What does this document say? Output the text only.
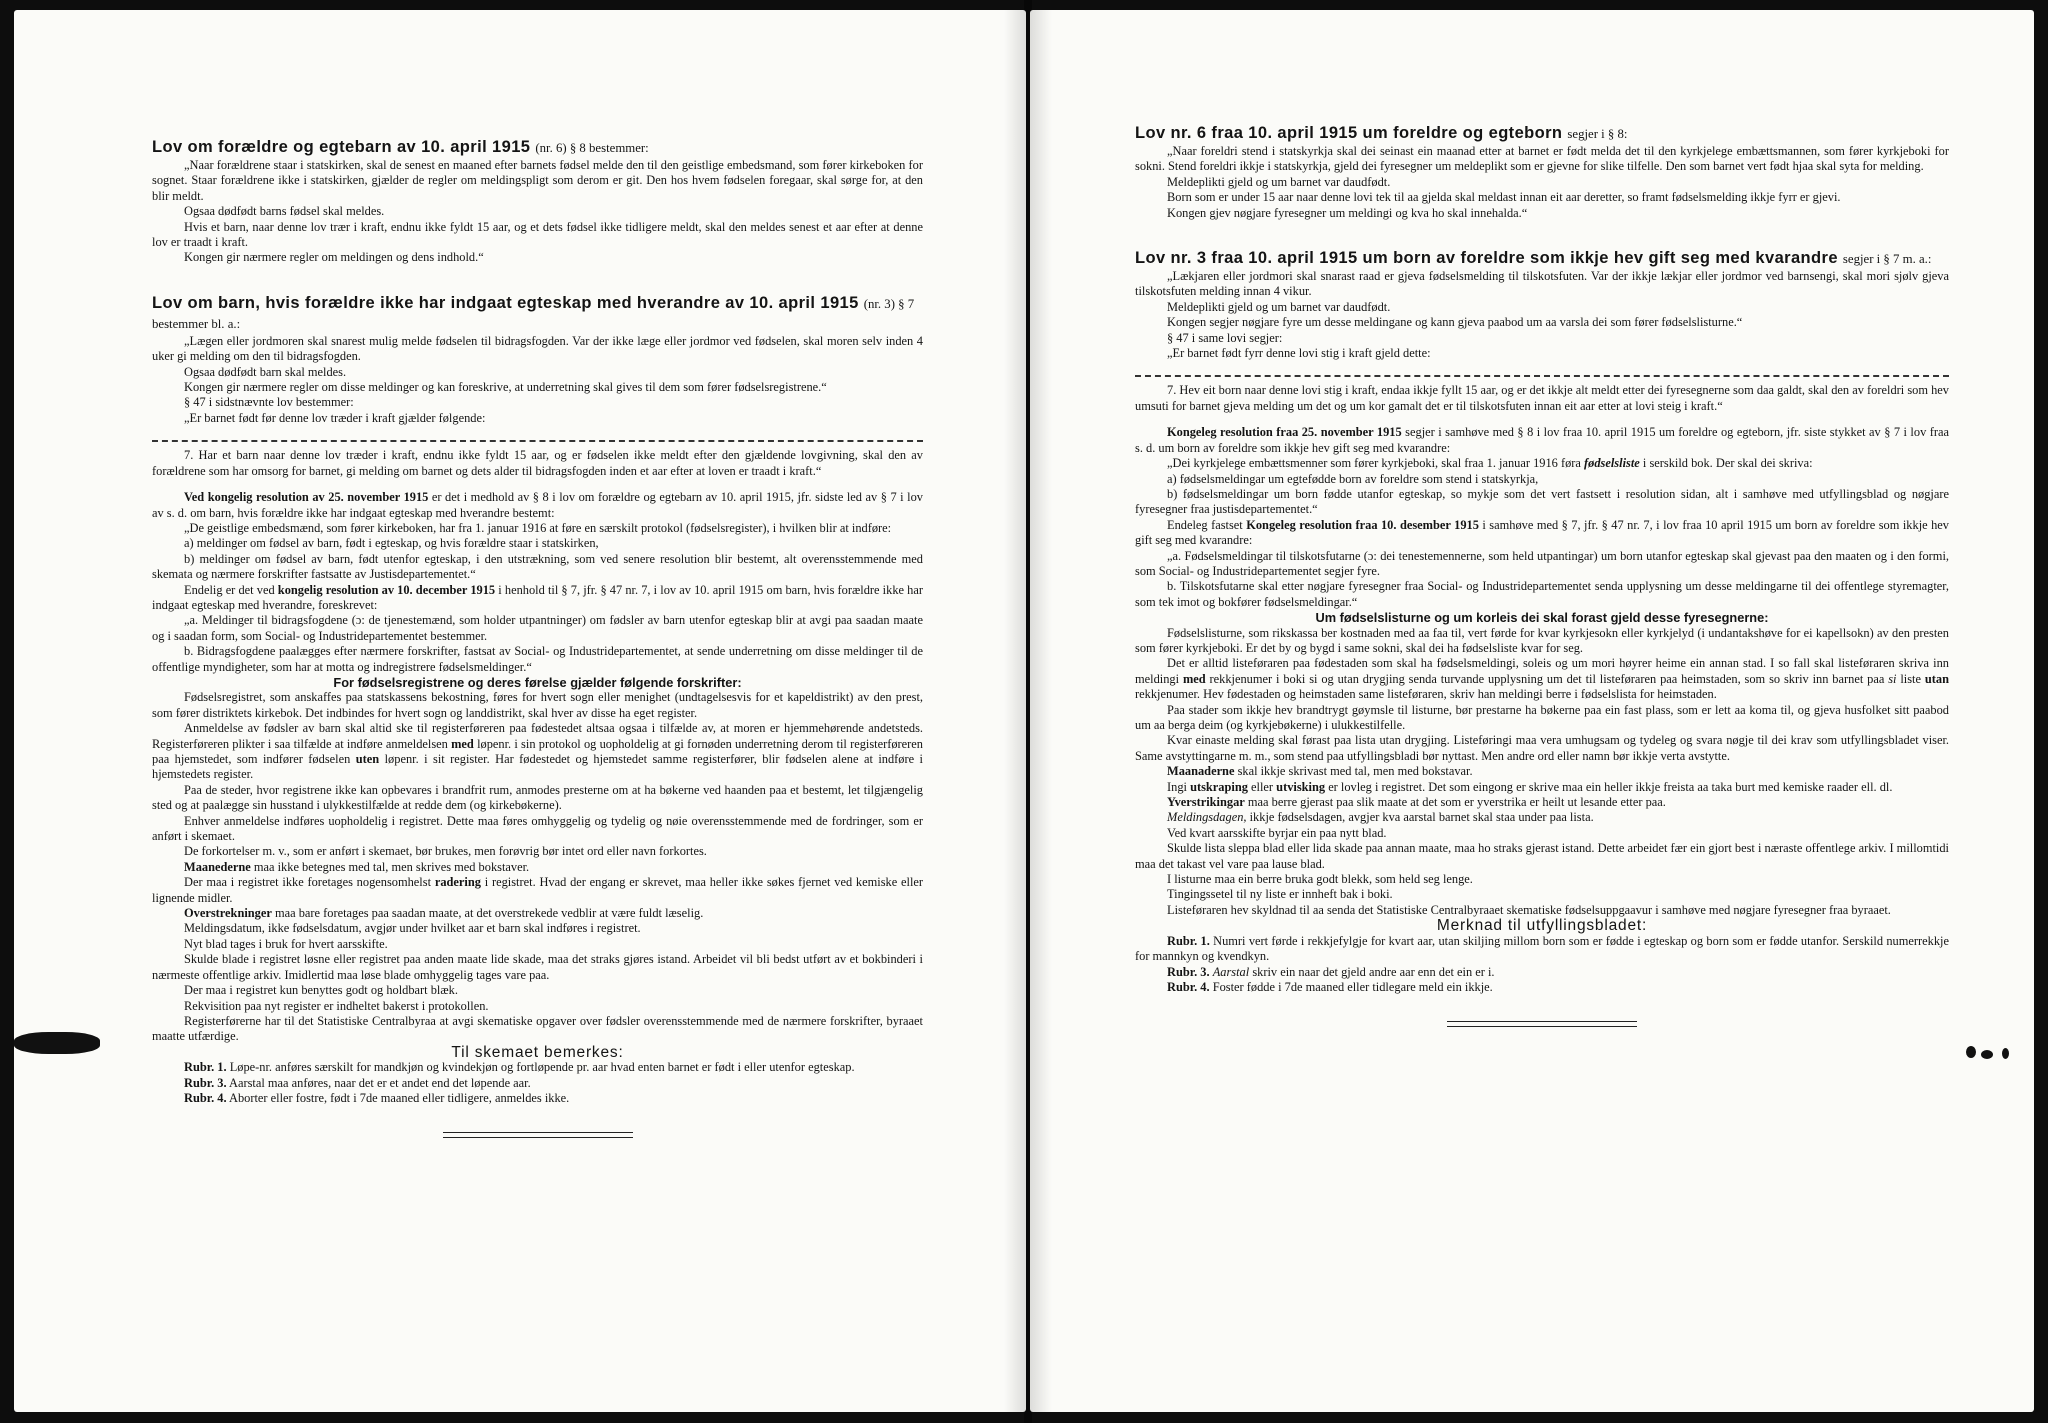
Lov om forældre og egtebarn av 10. april 1915 (nr. 6) § 8 bestemmer:

„Naar forældrene staar i statskirken, skal de senest en maaned efter barnets fødsel melde den til den geistlige embedsmand, som fører kirkeboken for sognet. Staar forældrene ikke i statskirken, gjælder de regler om meldingspligt som derom er git. Den hos hvem fødselen foregaar, skal sørge for, at den blir meldt.

Ogsaa dødfødt barns fødsel skal meldes.

Hvis et barn, naar denne lov trær i kraft, endnu ikke fyldt 15 aar, og et dets fødsel ikke tidligere meldt, skal den meldes senest et aar efter at denne lov er traadt i kraft.

Kongen gir nærmere regler om meldingen og dens indhold.“

Lov om barn, hvis forældre ikke har indgaat egteskap med hverandre av 10. april 1915 (nr. 3) § 7 bestemmer bl. a.:

„Lægen eller jordmoren skal snarest mulig melde fødselen til bidragsfogden. Var der ikke læge eller jordmor ved fødselen, skal moren selv inden 4 uker gi melding om den til bidragsfogden.

Ogsaa dødfødt barn skal meldes.

Kongen gir nærmere regler om disse meldinger og kan foreskrive, at underretning skal gives til dem som fører fødselsregistrene.“

§ 47 i sidstnævnte lov bestemmer:

„Er barnet født før denne lov træder i kraft gjælder følgende:

7. Har et barn naar denne lov træder i kraft, endnu ikke fyldt 15 aar, og er fødselen ikke meldt efter den gjældende lovgivning, skal den av forældrene som har omsorg for barnet, gi melding om barnet og dets alder til bidragsfogden inden et aar efter at loven er traadt i kraft.“

Ved kongelig resolution av 25. november 1915 er det i medhold av § 8 i lov om forældre og egtebarn av 10. april 1915, jfr. sidste led av § 7 i lov av s. d. om barn, hvis forældre ikke har indgaat egteskap med hverandre bestemt:

„De geistlige embedsmænd, som fører kirkeboken, har fra 1. januar 1916 at føre en særskilt protokol (fødselsregister), i hvilken blir at indføre:

a) meldinger om fødsel av barn, født i egteskap, og hvis forældre staar i statskirken,

b) meldinger om fødsel av barn, født utenfor egteskap, i den utstrækning, som ved senere resolution blir bestemt, alt overensstemmende med skemata og nærmere forskrifter fastsatte av Justisdepartementet.“

Endelig er det ved kongelig resolution av 10. december 1915 i henhold til § 7, jfr. § 47 nr. 7, i lov av 10. april 1915 om barn, hvis forældre ikke har indgaat egteskap med hverandre, foreskrevet:

„a. Meldinger til bidragsfogdene (ɔ: de tjenestemænd, som holder utpantninger) om fødsler av barn utenfor egteskap blir at avgi paa saadan maate og i saadan form, som Social- og Industridepartementet bestemmer.

b. Bidragsfogdene paalægges efter nærmere forskrifter, fastsat av Social- og Industridepartementet, at sende underretning om disse meldinger til de offentlige myndigheter, som har at motta og indregistrere fødselsmeldinger.“

For fødselsregistrene og deres førelse gjælder følgende forskrifter:

Fødselsregistret, som anskaffes paa statskassens bekostning, føres for hvert sogn eller menighet (undtagelsesvis for et kapeldistrikt) av den prest, som fører distriktets kirkebok. Det indbindes for hvert sogn og landdistrikt, skal hver av disse ha eget register.

Anmeldelse av fødsler av barn skal altid ske til registerføreren paa fødestedet altsaa ogsaa i tilfælde av, at moren er hjemmehørende andetsteds. Registerføreren plikter i saa tilfælde at indføre anmeldelsen med løpenr. i sin protokol og uopholdelig at gi fornøden underretning derom til registerføreren paa hjemstedet, som indfører fødselen uten løpenr. i sit register. Har fødestedet og hjemstedet samme registerfører, blir fødselen alene at indføre i hjemstedets register.

Paa de steder, hvor registrene ikke kan opbevares i brandfrit rum, anmodes presterne om at ha bøkerne ved haanden paa et bestemt, let tilgjængelig sted og at paalægge sin husstand i ulykkestilfælde at redde dem (og kirkebøkerne).

Enhver anmeldelse indføres uopholdelig i registret. Dette maa føres omhyggelig og tydelig og nøie overensstemmende med de fordringer, som er anført i skemaet.

De forkortelser m. v., som er anført i skemaet, bør brukes, men forøvrig bør intet ord eller navn forkortes.

Maanederne maa ikke betegnes med tal, men skrives med bokstaver.

Der maa i registret ikke foretages nogensomhelst radering i registret. Hvad der engang er skrevet, maa heller ikke søkes fjernet ved kemiske eller lignende midler.

Overstrekninger maa bare foretages paa saadan maate, at det overstrekede vedblir at være fuldt læselig.

Meldingsdatum, ikke fødselsdatum, avgjør under hvilket aar et barn skal indføres i registret.

Nyt blad tages i bruk for hvert aarsskifte.

Skulde blade i registret løsne eller registret paa anden maate lide skade, maa det straks gjøres istand. Arbeidet vil bli bedst utført av et bokbinderi i nærmeste offentlige arkiv. Imidlertid maa løse blade omhyggelig tages vare paa.

Der maa i registret kun benyttes godt og holdbart blæk.

Rekvisition paa nyt register er indheltet bakerst i protokollen.

Registerførerne har til det Statistiske Centralbyraa at avgi skematiske opgaver over fødsler overensstemmende med de nærmere forskrifter, byraaet maatte utfærdige.

Til skemaet bemerkes:

Rubr. 1. Løpe-nr. anføres særskilt for mandkjøn og kvindekjøn og fortløpende pr. aar hvad enten barnet er født i eller utenfor egteskap.

Rubr. 3. Aarstal maa anføres, naar det er et andet end det løpende aar.

Rubr. 4. Aborter eller fostre, født i 7de maaned eller tidligere, anmeldes ikke.

Lov nr. 6 fraa 10. april 1915 um foreldre og egteborn segjer i § 8:

„Naar foreldri stend i statskyrkja skal dei seinast ein maanad etter at barnet er født melda det til den kyrkjelege embættsmannen, som fører kyrkjeboki for sokni. Stend foreldri ikkje i statskyrkja, gjeld dei fyresegner um meldeplikt som er gjevne for slike tilfelle. Den som barnet vert født hjaa skal syta for melding.

Meldeplikti gjeld og um barnet var daudfødt.

Born som er under 15 aar naar denne lovi tek til aa gjelda skal meldast innan eit aar deretter, so framt fødselsmelding ikkje fyrr er gjevi.

Kongen gjev nøgjare fyresegner um meldingi og kva ho skal innehalda.“

Lov nr. 3 fraa 10. april 1915 um born av foreldre som ikkje hev gift seg med kvarandre segjer i § 7 m. a.:

„Lækjaren eller jordmori skal snarast raad er gjeva fødselsmelding til tilskotsfuten. Var der ikkje lækjar eller jordmor ved barnsengi, skal mori sjølv gjeva tilskotsfuten melding innan 4 vikur.

Meldeplikti gjeld og um barnet var daudfødt.

Kongen segjer nøgjare fyre um desse meldingane og kann gjeva paabod um aa varsla dei som fører fødselslisturne.“

§ 47 i same lovi segjer:

„Er barnet født fyrr denne lovi stig i kraft gjeld dette:

7. Hev eit born naar denne lovi stig i kraft, endaa ikkje fyllt 15 aar, og er det ikkje alt meldt etter dei fyresegnerne som daa galdt, skal den av foreldri som hev umsuti for barnet gjeva melding um det og um kor gamalt det er til tilskotsfuten innan eit aar etter at lovi steig i kraft.“

Kongeleg resolution fraa 25. november 1915 segjer i samhøve med § 8 i lov fraa 10. april 1915 um foreldre og egteborn, jfr. siste stykket av § 7 i lov fraa s. d. um born av foreldre som ikkje hev gift seg med kvarandre:

„Dei kyrkjelege embættsmenner som fører kyrkjeboki, skal fraa 1. januar 1916 føra fødselsliste i serskild bok. Der skal dei skriva:

a) fødselsmeldingar um egtefødde born av foreldre som stend i statskyrkja,

b) fødselsmeldingar um born fødde utanfor egteskap, so mykje som det vert fastsett i resolution sidan, alt i samhøve med utfyllingsblad og nøgjare fyresegner fraa justisdepartementet.“

Endeleg fastset Kongeleg resolution fraa 10. desember 1915 i samhøve med § 7, jfr. § 47 nr. 7, i lov fraa 10 april 1915 um born av foreldre som ikkje hev gift seg med kvarandre:

„a. Fødselsmeldingar til tilskotsfutarne (ɔ: dei tenestemennerne, som held utpantingar) um born utanfor egteskap skal gjevast paa den maaten og i den formi, som Social- og Industridepartementet segjer fyre.

b. Tilskotsfutarne skal etter nøgjare fyresegner fraa Social- og Industridepartementet senda upplysning um desse meldingarne til dei offentlege styremagter, som tek imot og bokfører fødselsmeldingar.“

Um fødselslisturne og um korleis dei skal forast gjeld desse fyresegnerne:

Fødselslisturne, som rikskassa ber kostnaden med aa faa til, vert førde for kvar kyrkjesokn eller kyrkjelyd (i undantakshøve for ei kapellsokn) av den presten som fører kyrkjeboki. Er det by og bygd i same sokni, skal dei ha fødselsliste kvar for seg.

Det er alltid listeføraren paa fødestaden som skal ha fødselsmeldingi, soleis og um mori høyrer heime ein annan stad. I so fall skal listeføraren skriva inn meldingi med rekkjenumer i boki si og utan drygjing senda turvande upplysning um det til listeføraren paa heimstaden, som so skriv inn barnet paa si liste utan rekkjenumer. Hev fødestaden og heimstaden same listeføraren, skriv han meldingi berre i fødselslista for heimstaden.

Paa stader som ikkje hev brandtrygt gøymsle til listurne, bør prestarne ha bøkerne paa ein fast plass, som er lett aa koma til, og gjeva husfolket sitt paabod um aa berga deim (og kyrkjebøkerne) i ulukkestilfelle.

Kvar einaste melding skal førast paa lista utan drygjing. Listeføringi maa vera umhugsam og tydeleg og svara nøgje til dei krav som utfyllingsbladet viser. Same avstyttingarne m. m., som stend paa utfyllingsbladi bør nyttast. Men andre ord eller namn bør ikkje verta avstytte.

Maanaderne skal ikkje skrivast med tal, men med bokstavar.

Ingi utskraping eller utvisking er lovleg i registret. Det som eingong er skrive maa ein heller ikkje freista aa taka burt med kemiske raader ell. dl.

Yverstrikingar maa berre gjerast paa slik maate at det som er yverstrika er heilt ut lesande etter paa.

Meldingsdagen, ikkje fødselsdagen, avgjer kva aarstal barnet skal staa under paa lista.

Ved kvart aarsskifte byrjar ein paa nytt blad.

Skulde lista sleppa blad eller lida skade paa annan maate, maa ho straks gjerast istand. Dette arbeidet fær ein gjort best i næraste offentlege arkiv. I millomtidi maa det takast vel vare paa lause blad.

I listurne maa ein berre bruka godt blekk, som held seg lenge.

Tingingssetel til ny liste er innheft bak i boki.

Listeføraren hev skyldnad til aa senda det Statistiske Centralbyraaet skematiske fødselsuppgaavur i samhøve med nøgjare fyresegner fraa byraaet.

Merknad til utfyllingsbladet:

Rubr. 1. Numri vert førde i rekkjefylgje for kvart aar, utan skiljing millom born som er fødde i egteskap og born som er fødde utanfor. Serskild numerrekkje for mannkyn og kvendkyn.

Rubr. 3. Aarstal skriv ein naar det gjeld andre aar enn det ein er i.

Rubr. 4. Foster fødde i 7de maaned eller tidlegare meld ein ikkje.
